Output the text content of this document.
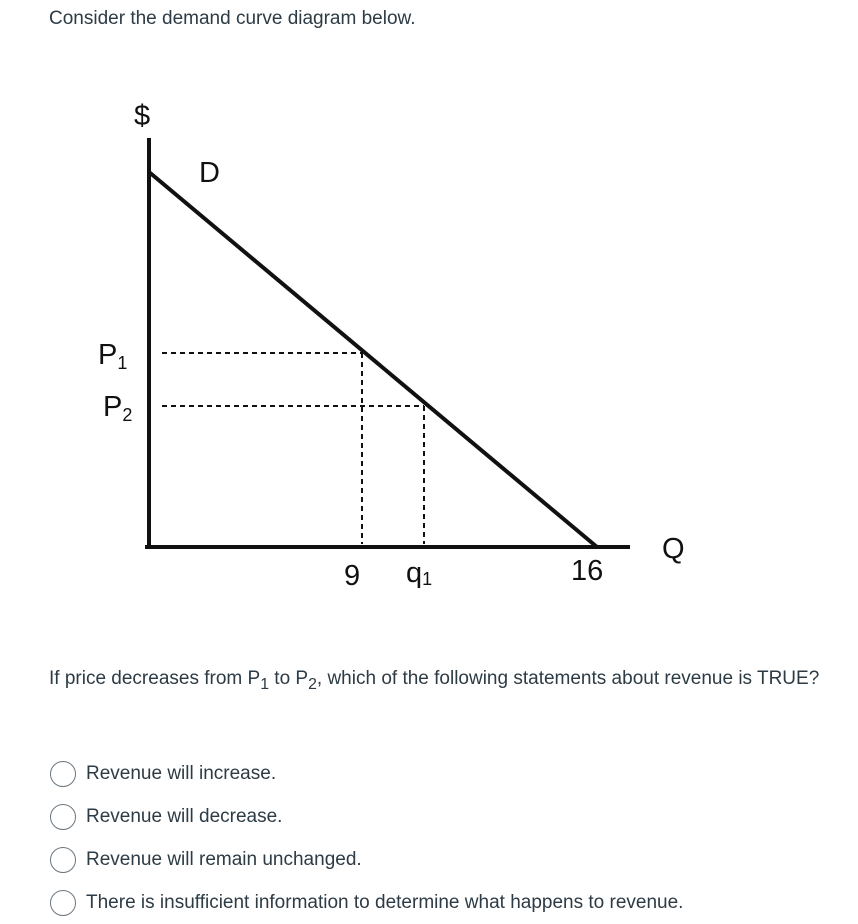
Consider the demand curve diagram below.
$
D
P1
P2
9 q1	16
Q
If price decreases from $P_1$ to $P_2$, which of the following statements about revenue is TRUE?
Revenue will increase.
Revenue will decrease.
Revenue will remain unchanged.
There is insufficient information to determine what happens to revenue.
